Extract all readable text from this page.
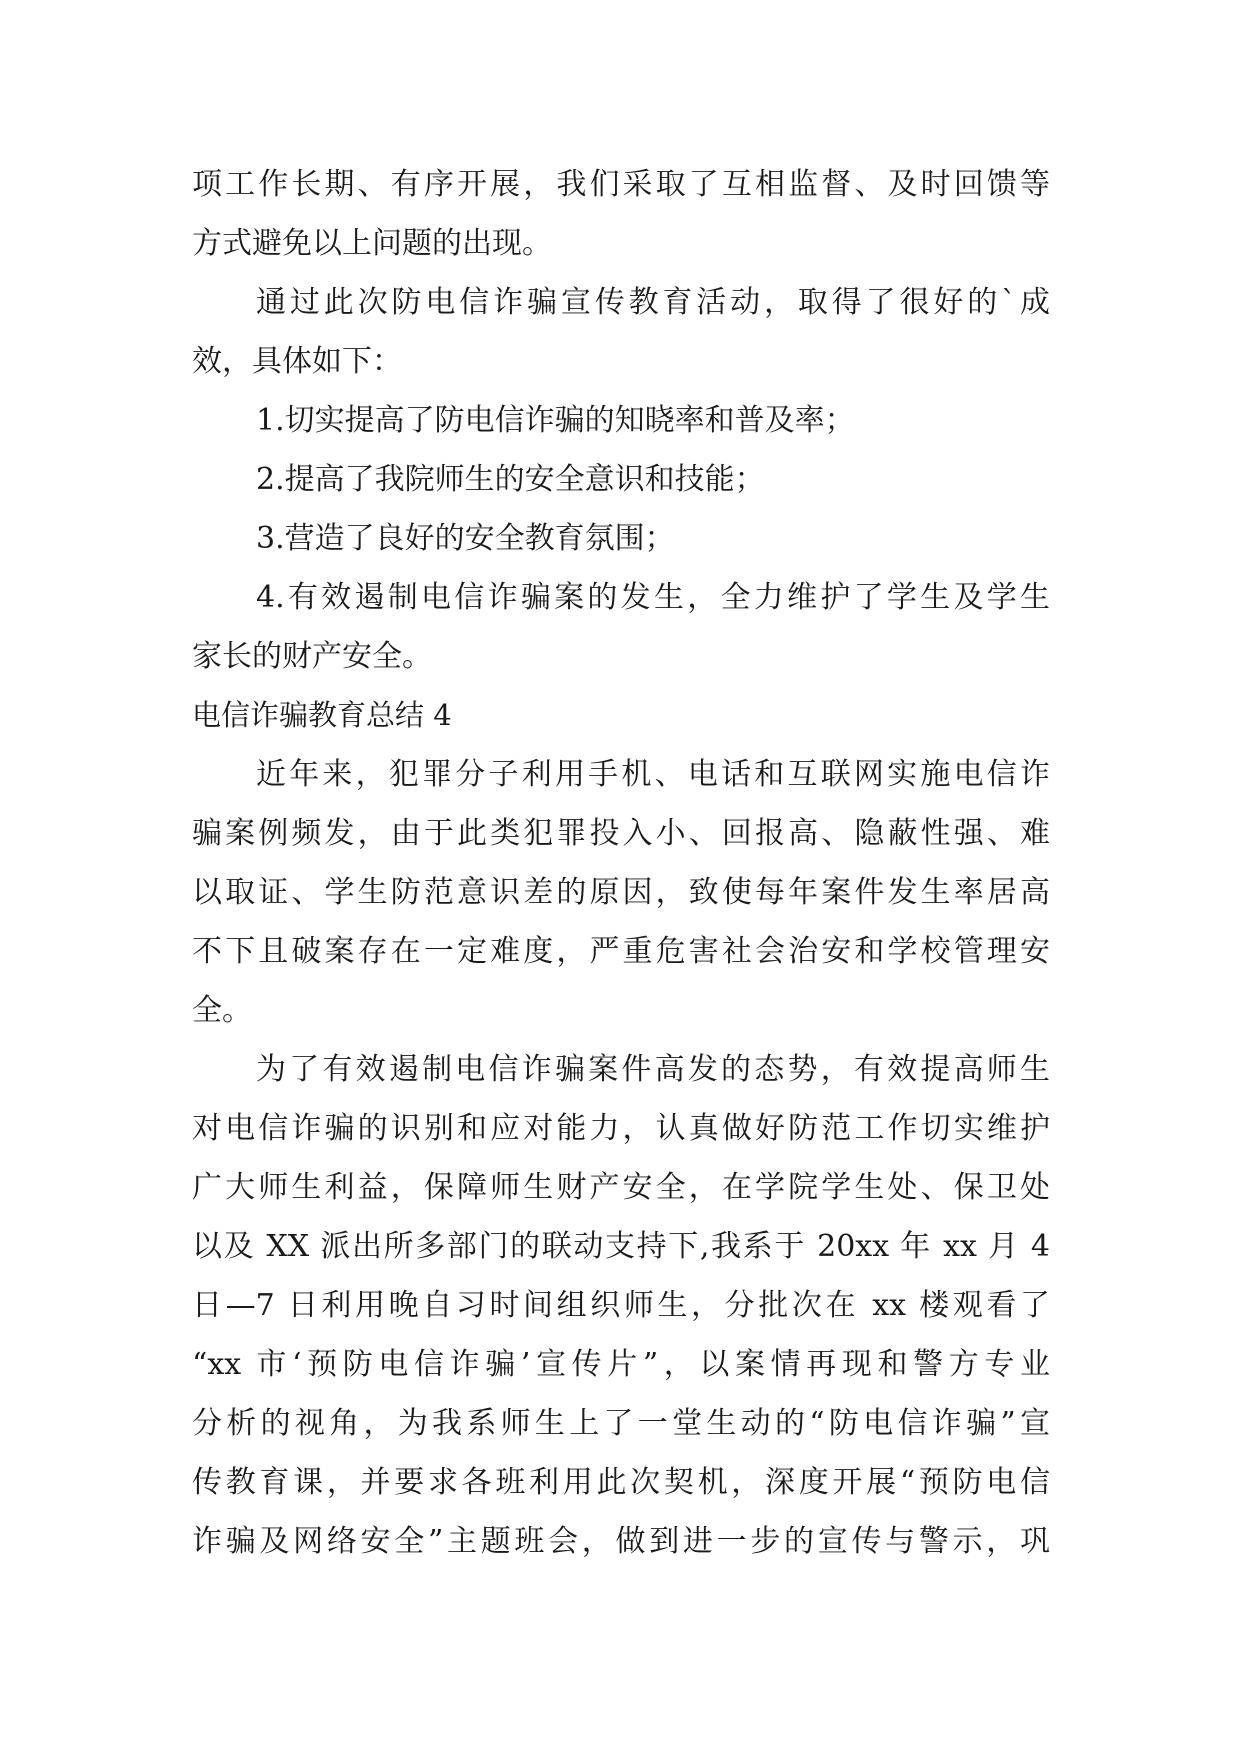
项工作长期、有序开展，我们采取了互相监督、及时回馈等
方式避免以上问题的出现。
通过此次防电信诈骗宣传教育活动，取得了很好的`成
效，具体如下：
1.切实提高了防电信诈骗的知晓率和普及率；
2.提高了我院师生的安全意识和技能；
3.营造了良好的安全教育氛围；
4.有效遏制电信诈骗案的发生，全力维护了学生及学生
家长的财产安全。
电信诈骗教育总结 4
近年来，犯罪分子利用手机、电话和互联网实施电信诈
骗案例频发，由于此类犯罪投入小、回报高、隐蔽性强、难
以取证、学生防范意识差的原因，致使每年案件发生率居高
不下且破案存在一定难度，严重危害社会治安和学校管理安
全。
为了有效遏制电信诈骗案件高发的态势，有效提高师生
对电信诈骗的识别和应对能力，认真做好防范工作切实维护
广大师生利益，保障师生财产安全，在学院学生处、保卫处
以及 XX 派出所多部门的联动支持下,我系于 20xx 年 xx 月 4
日—7 日利用晚自习时间组织师生，分批次在 xx 楼观看了
“xx 市‘预防电信诈骗’宣传片”，以案情再现和警方专业
分析的视角，为我系师生上了一堂生动的“防电信诈骗”宣
传教育课，并要求各班利用此次契机，深度开展“预防电信
诈骗及网络安全”主题班会，做到进一步的宣传与警示，巩
